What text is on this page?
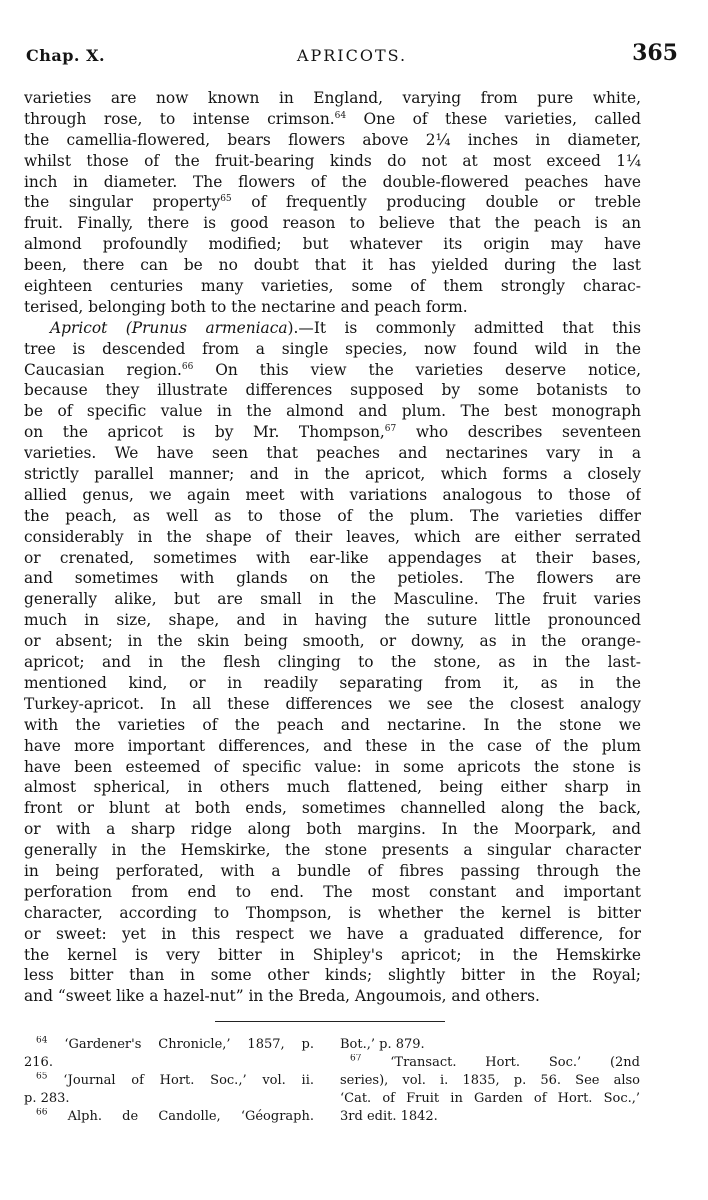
Chap. X.	APRICOTS.	365
varieties are now known in England, varying from pure white,
through rose, to intense crimson.$^{64}$ One of these varieties, called
the camellia-flowered, bears flowers above 2¼ inches in diameter,
whilst those of the fruit-bearing kinds do not at most exceed 1¼
inch in diameter. The flowers of the double-flowered peaches have
the singular property$^{65}$ of frequently producing double or treble
fruit. Finally, there is good reason to believe that the peach is an
almond profoundly modified; but whatever its origin may have
been, there can be no doubt that it has yielded during the last
eighteen centuries many varieties, some of them strongly charac-
terised, belonging both to the nectarine and peach form.
Apricot (Prunus armeniaca).—It is commonly admitted that this
tree is descended from a single species, now found wild in the
Caucasian region.$^{66}$ On this view the varieties deserve notice,
because they illustrate differences supposed by some botanists to
be of specific value in the almond and plum. The best monograph
on the apricot is by Mr. Thompson,$^{67}$ who describes seventeen
varieties. We have seen that peaches and nectarines vary in a
strictly parallel manner; and in the apricot, which forms a closely
allied genus, we again meet with variations analogous to those of
the peach, as well as to those of the plum. The varieties differ
considerably in the shape of their leaves, which are either serrated
or crenated, sometimes with ear-like appendages at their bases,
and sometimes with glands on the petioles. The flowers are
generally alike, but are small in the Masculine. The fruit varies
much in size, shape, and in having the suture little pronounced
or absent; in the skin being smooth, or downy, as in the orange-
apricot; and in the flesh clinging to the stone, as in the last-
mentioned kind, or in readily separating from it, as in the
Turkey-apricot. In all these differences we see the closest analogy
with the varieties of the peach and nectarine. In the stone we
have more important differences, and these in the case of the plum
have been esteemed of specific value: in some apricots the stone is
almost spherical, in others much flattened, being either sharp in
front or blunt at both ends, sometimes channelled along the back,
or with a sharp ridge along both margins. In the Moorpark, and
generally in the Hemskirke, the stone presents a singular character
in being perforated, with a bundle of fibres passing through the
perforation from end to end. The most constant and important
character, according to Thompson, is whether the kernel is bitter
or sweet: yet in this respect we have a graduated difference, for
the kernel is very bitter in Shipley's apricot; in the Hemskirke
less bitter than in some other kinds; slightly bitter in the Royal;
and “sweet like a hazel-nut” in the Breda, Angoumois, and others.
$^{64}$ ‘Gardener's Chronicle,’ 1857, p.
216.
$^{65}$ ‘Journal of Hort. Soc.,’ vol. ii.
p. 283.
$^{66}$ Alph. de Candolle, ‘Géograph.
Bot.,’ p. 879.
$^{67}$ ‘Transact. Hort. Soc.’ (2nd
series), vol. i. 1835, p. 56. See also
‘Cat. of Fruit in Garden of Hort. Soc.,’
3rd edit. 1842.
